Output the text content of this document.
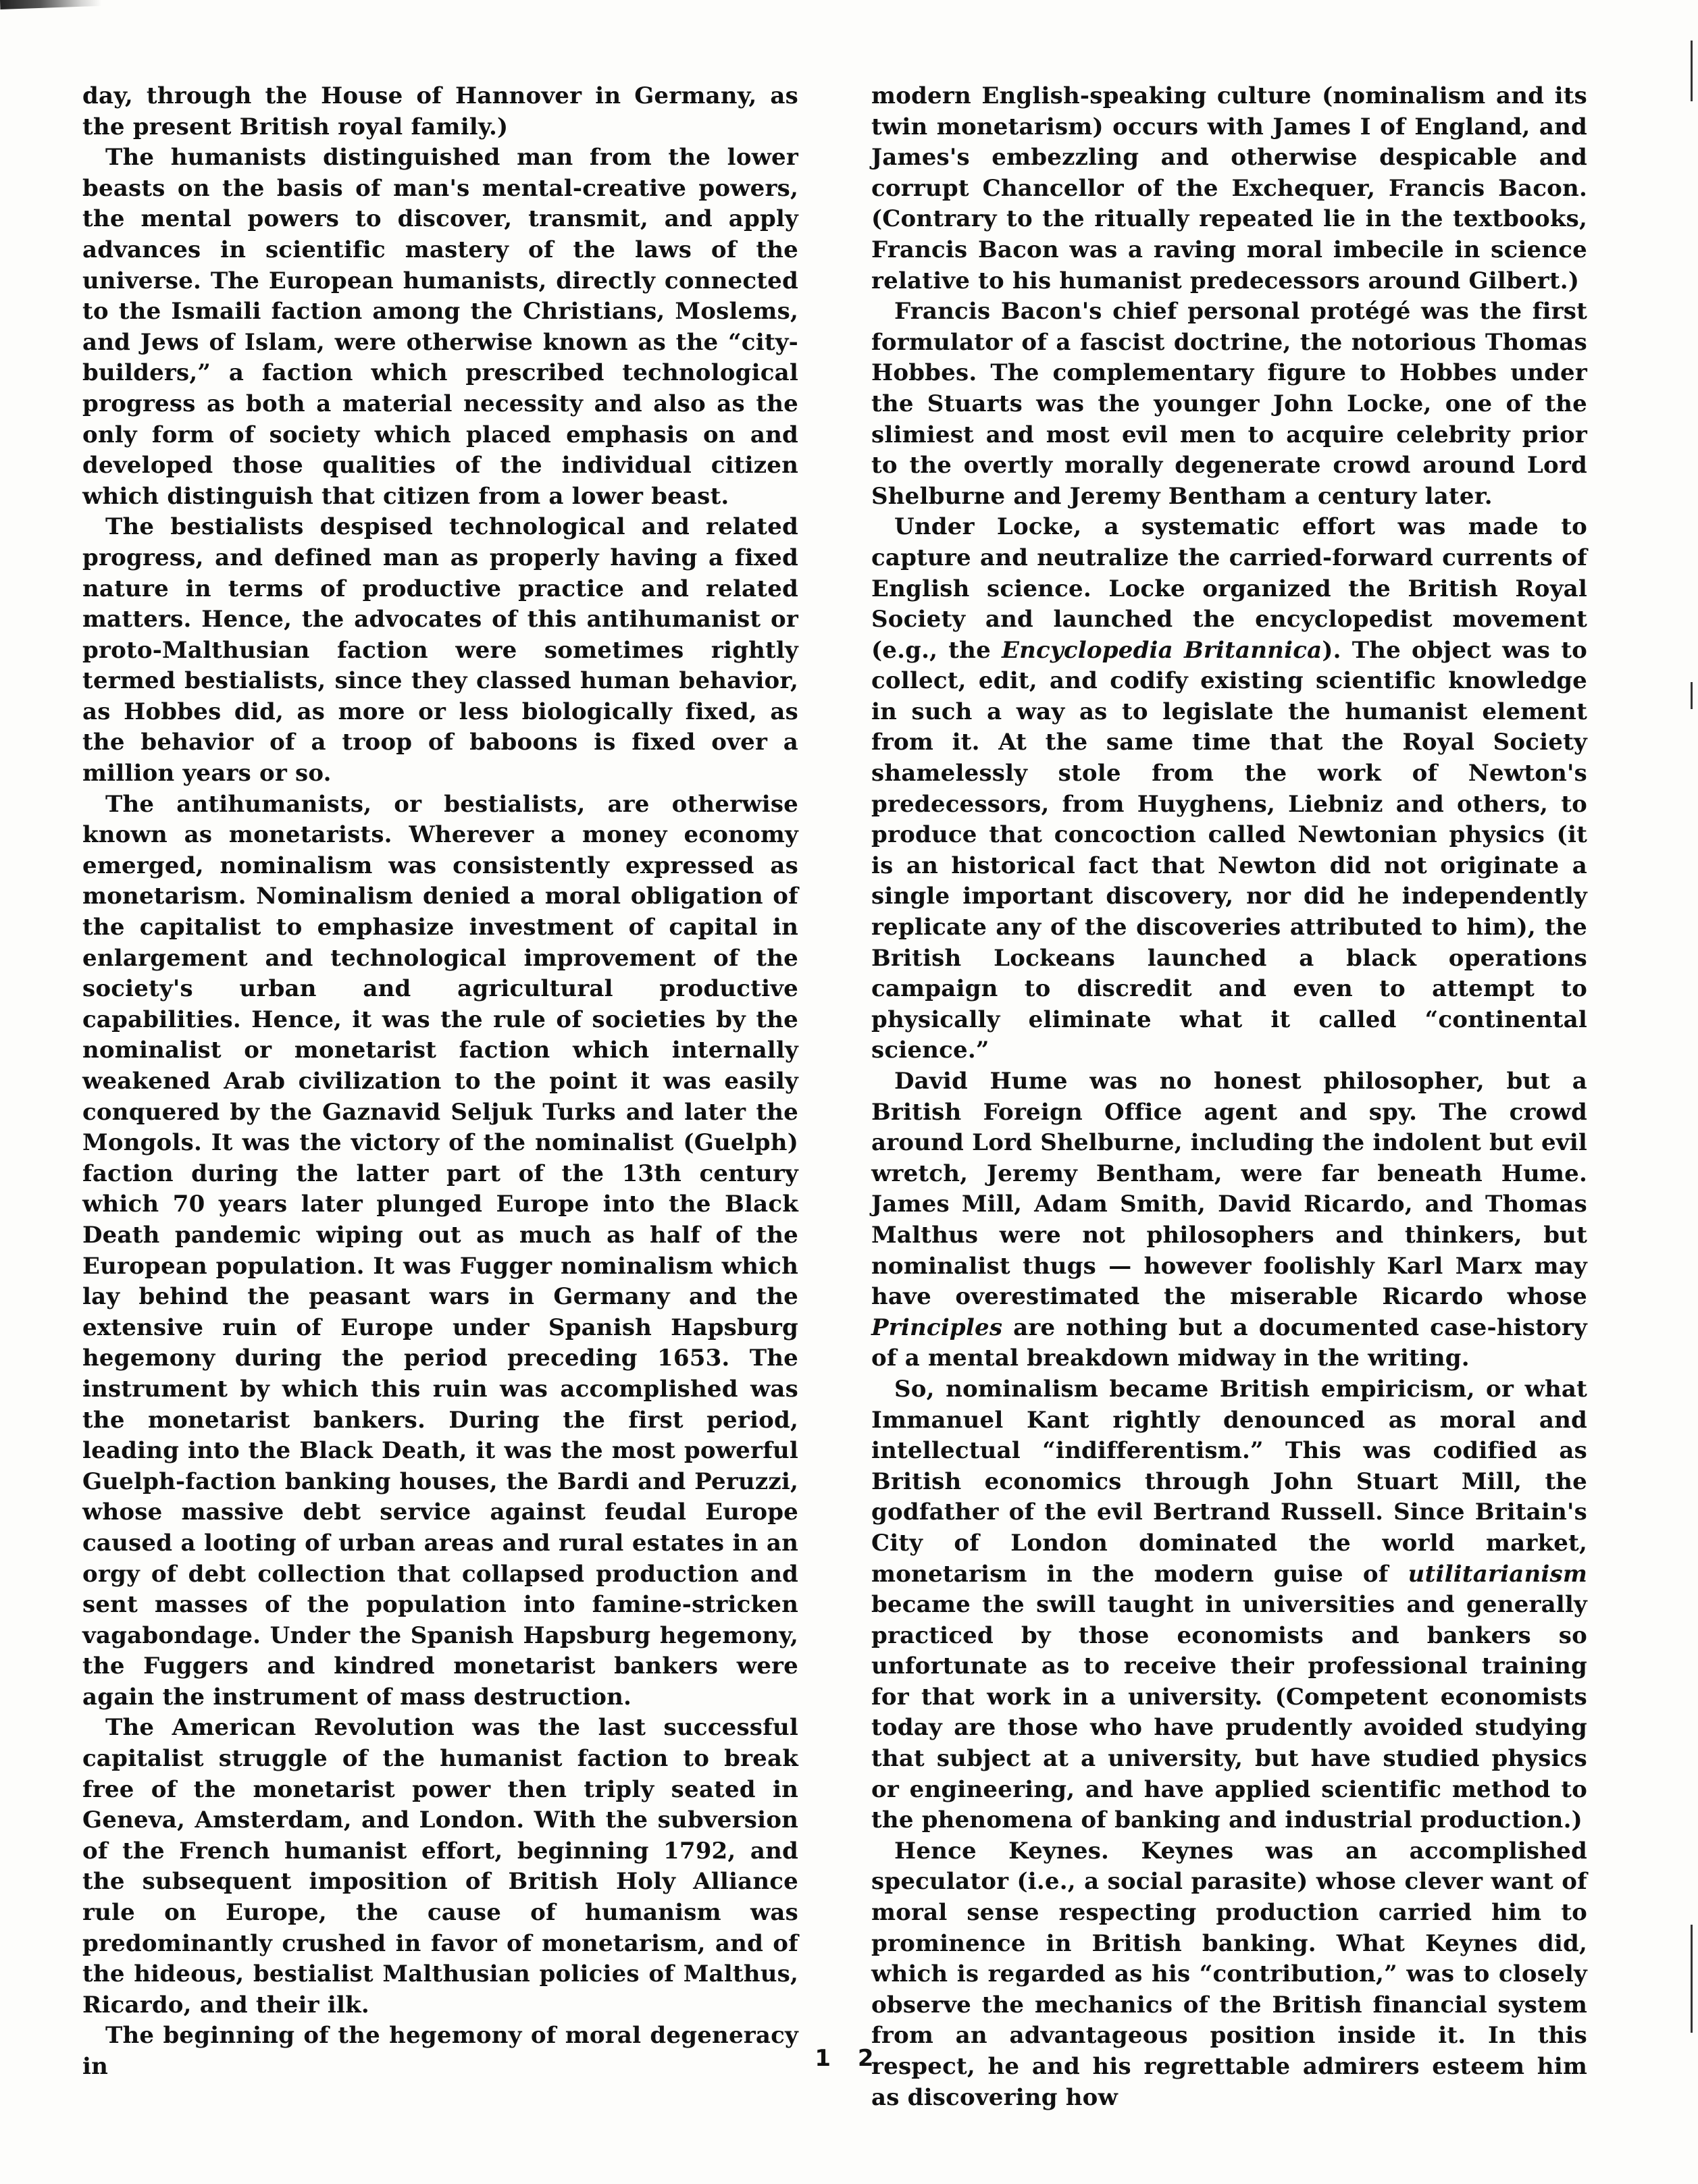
day, through the House of Hannover in Germany, as the present British royal family.)

The humanists distinguished man from the lower beasts on the basis of man's mental-creative powers, the mental powers to discover, transmit, and apply advances in scientific mastery of the laws of the universe. The European humanists, directly connected to the Ismaili faction among the Christians, Moslems, and Jews of Islam, were otherwise known as the “city-builders,” a faction which prescribed technological progress as both a material necessity and also as the only form of society which placed emphasis on and developed those qualities of the individual citizen which distinguish that citizen from a lower beast.

The bestialists despised technological and related progress, and defined man as properly having a fixed nature in terms of productive practice and related matters. Hence, the advocates of this antihumanist or proto-Malthusian faction were sometimes rightly termed bestialists, since they classed human behavior, as Hobbes did, as more or less biologically fixed, as the behavior of a troop of baboons is fixed over a million years or so.

The antihumanists, or bestialists, are otherwise known as monetarists. Wherever a money economy emerged, nominalism was consistently expressed as monetarism. Nominalism denied a moral obligation of the capitalist to emphasize investment of capital in enlargement and technological improvement of the society's urban and agricultural productive capabilities. Hence, it was the rule of societies by the nominalist or monetarist faction which internally weakened Arab civilization to the point it was easily conquered by the Gaznavid Seljuk Turks and later the Mongols. It was the victory of the nominalist (Guelph) faction during the latter part of the 13th century which 70 years later plunged Europe into the Black Death pandemic wiping out as much as half of the European population. It was Fugger nominalism which lay behind the peasant wars in Germany and the extensive ruin of Europe under Spanish Hapsburg hegemony during the period preceding 1653. The instrument by which this ruin was accomplished was the monetarist bankers. During the first period, leading into the Black Death, it was the most powerful Guelph-faction banking houses, the Bardi and Peruzzi, whose massive debt service against feudal Europe caused a looting of urban areas and rural estates in an orgy of debt collection that collapsed production and sent masses of the population into famine-stricken vagabondage. Under the Spanish Hapsburg hegemony, the Fuggers and kindred monetarist bankers were again the instrument of mass destruction.

The American Revolution was the last successful capitalist struggle of the humanist faction to break free of the monetarist power then triply seated in Geneva, Amsterdam, and London. With the subversion of the French humanist effort, beginning 1792, and the subsequent imposition of British Holy Alliance rule on Europe, the cause of humanism was predominantly crushed in favor of monetarism, and of the hideous, bestialist Malthusian policies of Malthus, Ricardo, and their ilk.

The beginning of the hegemony of moral degeneracy in

modern English-speaking culture (nominalism and its twin monetarism) occurs with James I of England, and James's embezzling and otherwise despicable and corrupt Chancellor of the Exchequer, Francis Bacon. (Contrary to the ritually repeated lie in the textbooks, Francis Bacon was a raving moral imbecile in science relative to his humanist predecessors around Gilbert.)

Francis Bacon's chief personal protégé was the first formulator of a fascist doctrine, the notorious Thomas Hobbes. The complementary figure to Hobbes under the Stuarts was the younger John Locke, one of the slimiest and most evil men to acquire celebrity prior to the overtly morally degenerate crowd around Lord Shelburne and Jeremy Bentham a century later.

Under Locke, a systematic effort was made to capture and neutralize the carried-forward currents of English science. Locke organized the British Royal Society and launched the encyclopedist movement (e.g., the Encyclopedia Britannica). The object was to collect, edit, and codify existing scientific knowledge in such a way as to legislate the humanist element from it. At the same time that the Royal Society shamelessly stole from the work of Newton's predecessors, from Huyghens, Liebniz and others, to produce that concoction called Newtonian physics (it is an historical fact that Newton did not originate a single important discovery, nor did he independently replicate any of the discoveries attributed to him), the British Lockeans launched a black operations campaign to discredit and even to attempt to physically eliminate what it called “continental science.”

David Hume was no honest philosopher, but a British Foreign Office agent and spy. The crowd around Lord Shelburne, including the indolent but evil wretch, Jeremy Bentham, were far beneath Hume. James Mill, Adam Smith, David Ricardo, and Thomas Malthus were not philosophers and thinkers, but nominalist thugs — however foolishly Karl Marx may have overestimated the miserable Ricardo whose Principles are nothing but a documented case-history of a mental breakdown midway in the writing.

So, nominalism became British empiricism, or what Immanuel Kant rightly denounced as moral and intellectual “indifferentism.” This was codified as British economics through John Stuart Mill, the godfather of the evil Bertrand Russell. Since Britain's City of London dominated the world market, monetarism in the modern guise of utilitarianism became the swill taught in universities and generally practiced by those economists and bankers so unfortunate as to receive their professional training for that work in a university. (Competent economists today are those who have prudently avoided studying that subject at a university, but have studied physics or engineering, and have applied scientific method to the phenomena of banking and industrial production.)

Hence Keynes. Keynes was an accomplished speculator (i.e., a social parasite) whose clever want of moral sense respecting production carried him to prominence in British banking. What Keynes did, which is regarded as his “contribution,” was to closely observe the mechanics of the British financial system from an advantageous position inside it. In this respect, he and his regrettable admirers esteem him as discovering how

1 2
